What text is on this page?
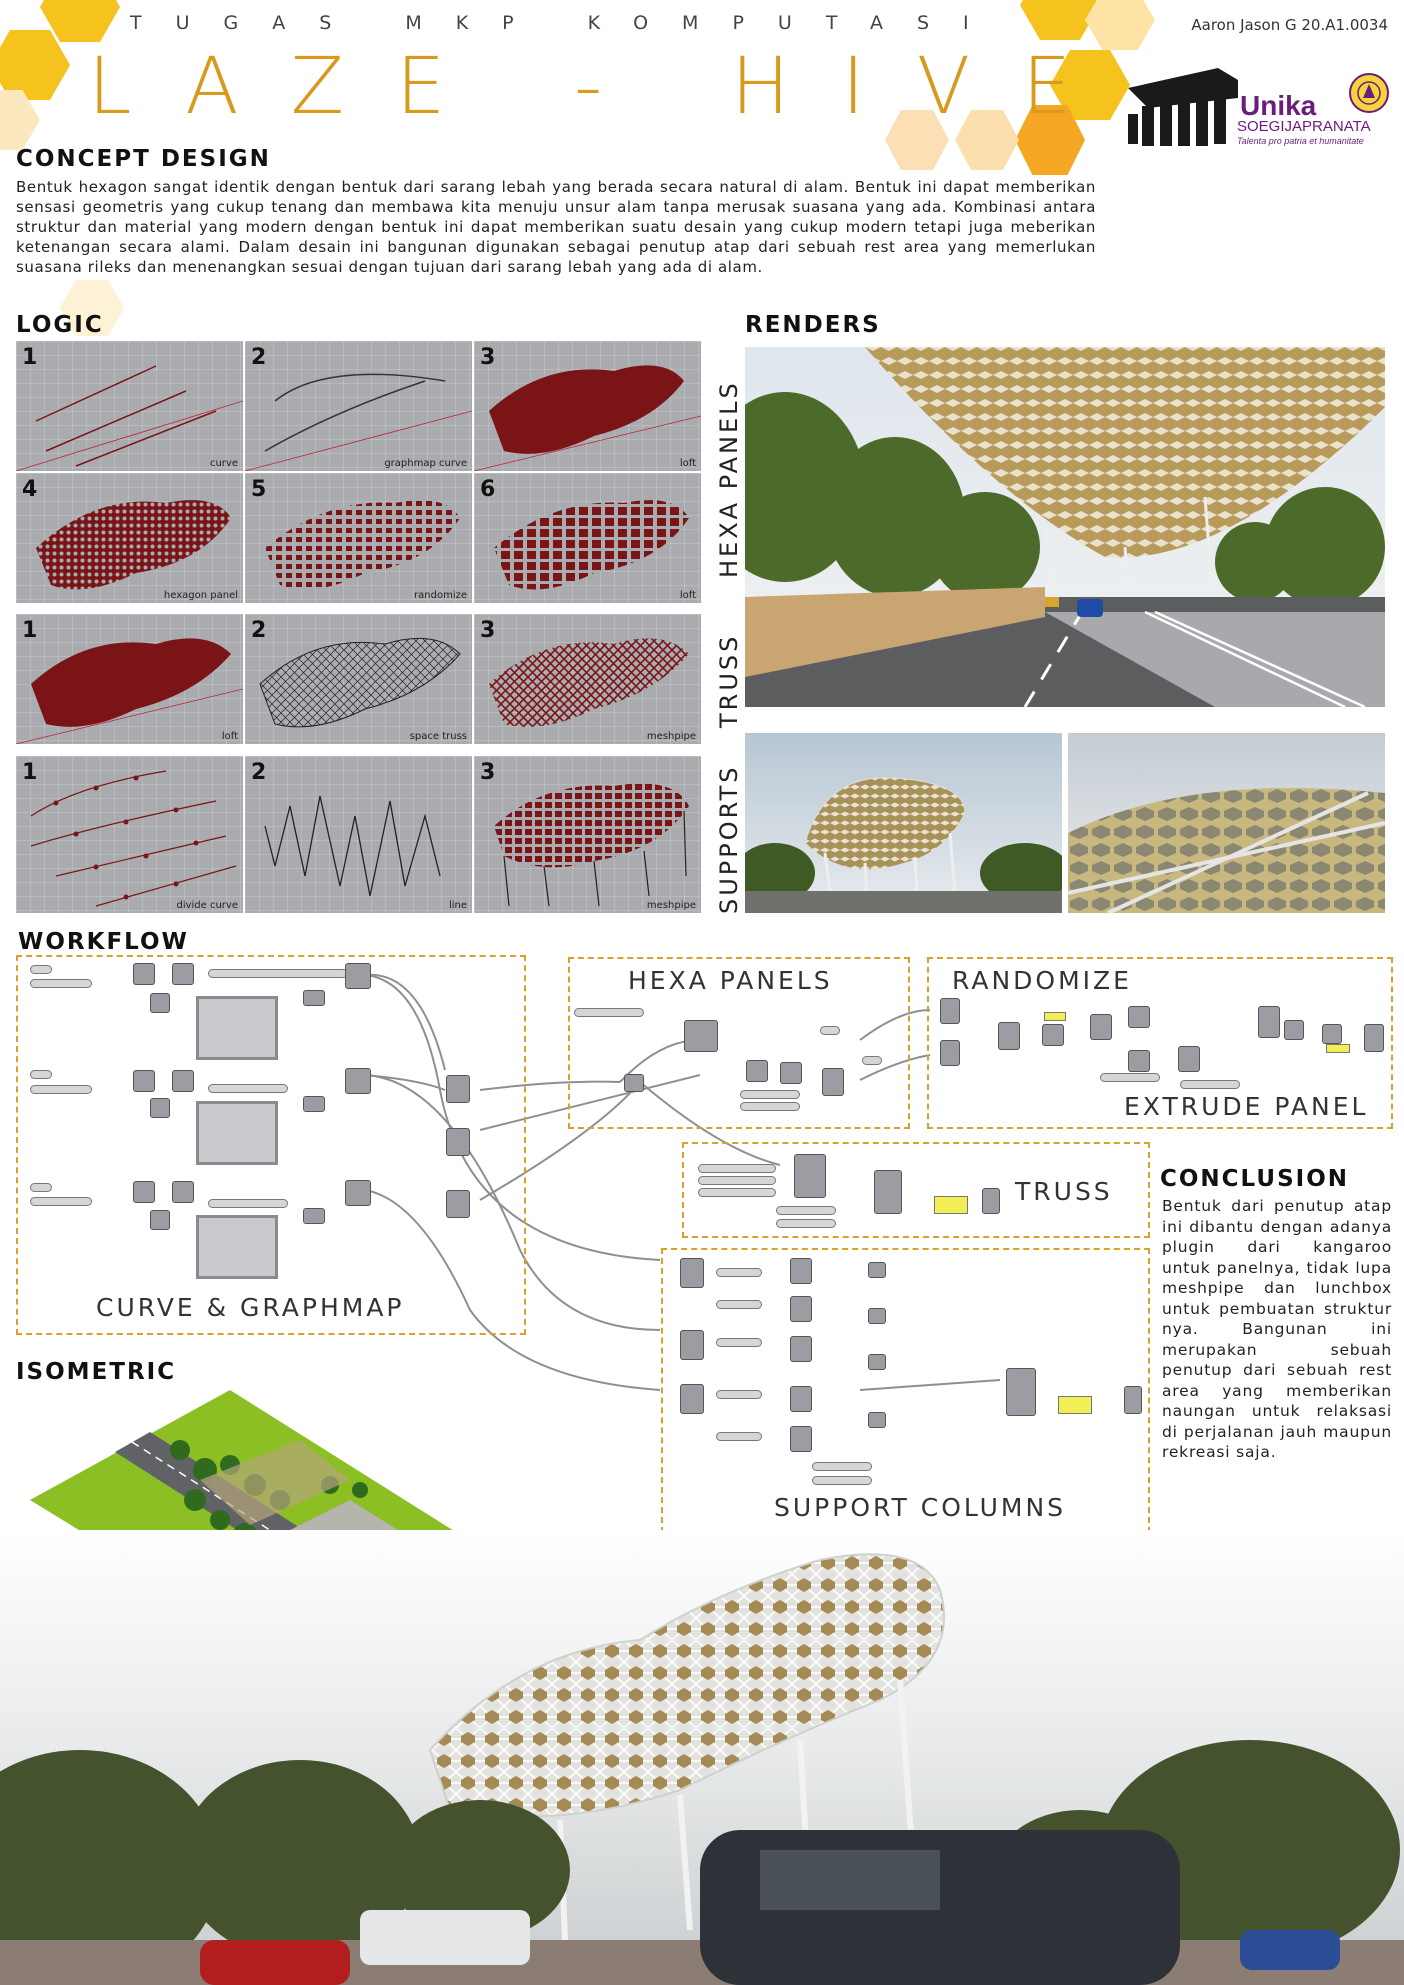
TUGAS MKP KOMPUTASI
LAZE - HIVE
Aaron Jason G 20.A1.0034
Unika
SOEGIJAPRANATA
Talenta pro patria et humanitate
CONCEPT DESIGN
Bentuk hexagon sangat identik dengan bentuk dari sarang lebah yang berada secara natural di alam. Bentuk ini dapat memberikan sensasi geometris yang cukup tenang dan membawa kita menuju unsur alam tanpa merusak suasana yang ada. Kombinasi antara struktur dan material yang modern dengan bentuk ini dapat memberikan suatu desain yang cukup modern tetapi juga meberikan ketenangan secara alami. Dalam desain ini bangunan digunakan sebagai penutup atap dari sebuah rest area yang memerlukan suasana rileks dan menenangkan sesuai dengan tujuan dari sarang lebah yang ada di alam.
LOGIC
1
curve
2
graphmap curve
3
loft
4
hexagon panel
5
randomize
6
loft
1
loft
2
space truss
3
meshpipe
1
divide curve
2
line
3
meshpipe
RENDERS
HEXA PANELS
TRUSS
SUPPORTS
WORKFLOW
CURVE & GRAPHMAP
HEXA PANELS	RANDOMIZE
EXTRUDE PANEL
TRUSS
SUPPORT COLUMNS
CONCLUSION
Bentuk dari penutup atap ini dibantu dengan adanya plugin dari kangaroo untuk panelnya, tidak lupa meshpipe dan lunchbox untuk pembuatan struktur nya. Bangunan ini merupakan sebuah penutup dari sebuah rest area yang memberikan naungan untuk relaksasi di perjalanan jauh maupun rekreasi saja.
ISOMETRIC
